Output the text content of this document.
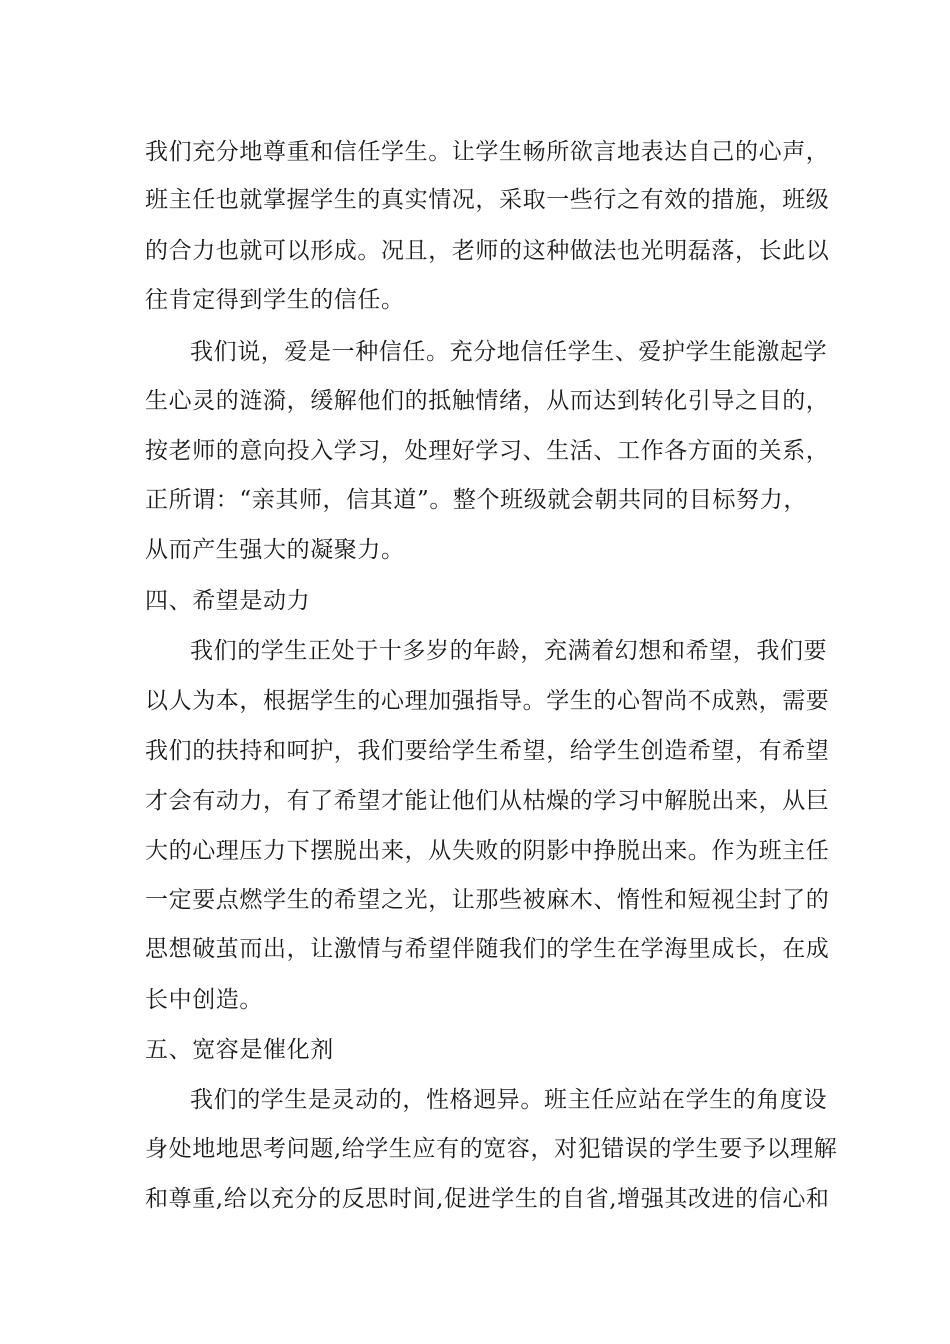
我们充分地尊重和信任学生。让学生畅所欲言地表达自己的心声，
班主任也就掌握学生的真实情况，采取一些行之有效的措施，班级
的合力也就可以形成。况且，老师的这种做法也光明磊落，长此以
往肯定得到学生的信任。
我们说，爱是一种信任。充分地信任学生、爱护学生能激起学
生心灵的涟漪，缓解他们的抵触情绪，从而达到转化引导之目的，
按老师的意向投入学习，处理好学习、生活、工作各方面的关系，
正所谓：“亲其师，信其道”。整个班级就会朝共同的目标努力，
从而产生强大的凝聚力。
四、希望是动力
我们的学生正处于十多岁的年龄，充满着幻想和希望，我们要
以人为本，根据学生的心理加强指导。学生的心智尚不成熟，需要
我们的扶持和呵护，我们要给学生希望，给学生创造希望，有希望
才会有动力，有了希望才能让他们从枯燥的学习中解脱出来，从巨
大的心理压力下摆脱出来，从失败的阴影中挣脱出来。作为班主任
一定要点燃学生的希望之光，让那些被麻木、惰性和短视尘封了的
思想破茧而出，让激情与希望伴随我们的学生在学海里成长，在成
长中创造。
五、宽容是催化剂
我们的学生是灵动的，性格迥异。班主任应站在学生的角度设
身处地地思考问题,给学生应有的宽容，对犯错误的学生要予以理解
和尊重,给以充分的反思时间,促进学生的自省,增强其改进的信心和
